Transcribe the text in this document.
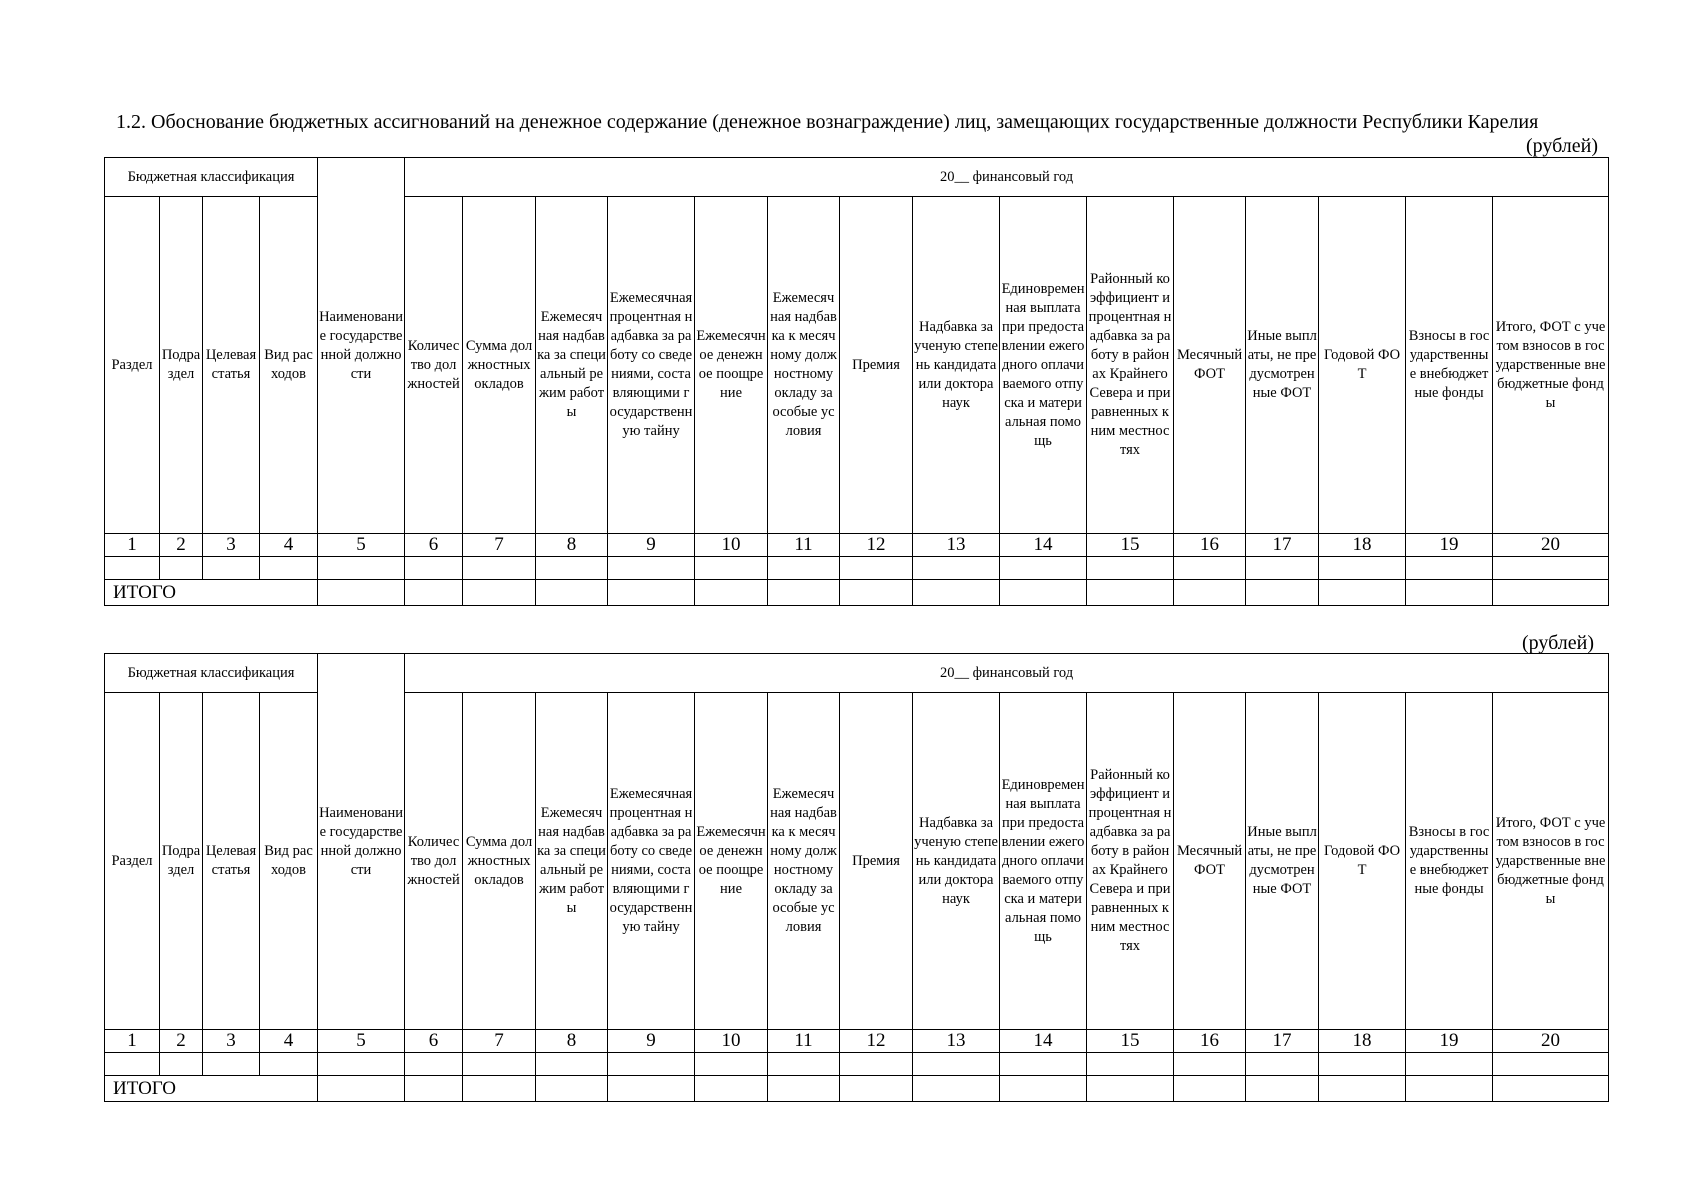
1.2. Обоснование бюджетных ассигнований на денежное содержание (денежное вознаграждение) лиц, замещающих государственные должности Республики Карелия
(рублей)
(рублей)
Бюджетная классификация				Наименование государственной должности	20__ финансовый год														
Раздел	Подраздел	Целевая статья	Вид расходов		Количество должностей	Сумма должностных окладов	Ежемесячная надбавка за специальный режим работы	Ежемесячная процентная надбавка за работу со сведениями, составляющими государственную тайну	Ежемесячное денежное поощрение	Ежемесячная надбавка к месячному должностному окладу за особые условия	Премия	Надбавка за ученую степень кандидата или доктора наук	Единовременная выплата при предоставлении ежегодного оплачиваемого отпуска и материальная помощь	Районный коэффициент и процентная надбавка за работу в районах Крайнего Севера и приравненных к ним местностях	Месячный ФОТ	Иные выплаты, не предусмотренные ФОТ	Годовой ФОТ	Взносы в государственные внебюджетные фонды	Итого, ФОТ с учетом взносов в государственные внебюджетные фонды
1	2	3	4	5	6	7	8	9	10	11	12	13	14	15	16	17	18	19	20

ИТОГО																			
Бюджетная классификация				Наименование государственной должности	20__ финансовый год														
Раздел	Подраздел	Целевая статья	Вид расходов		Количество должностей	Сумма должностных окладов	Ежемесячная надбавка за специальный режим работы	Ежемесячная процентная надбавка за работу со сведениями, составляющими государственную тайну	Ежемесячное денежное поощрение	Ежемесячная надбавка к месячному должностному окладу за особые условия	Премия	Надбавка за ученую степень кандидата или доктора наук	Единовременная выплата при предоставлении ежегодного оплачиваемого отпуска и материальная помощь	Районный коэффициент и процентная надбавка за работу в районах Крайнего Севера и приравненных к ним местностях	Месячный ФОТ	Иные выплаты, не предусмотренные ФОТ	Годовой ФОТ	Взносы в государственные внебюджетные фонды	Итого, ФОТ с учетом взносов в государственные внебюджетные фонды
1	2	3	4	5	6	7	8	9	10	11	12	13	14	15	16	17	18	19	20

ИТОГО																			
